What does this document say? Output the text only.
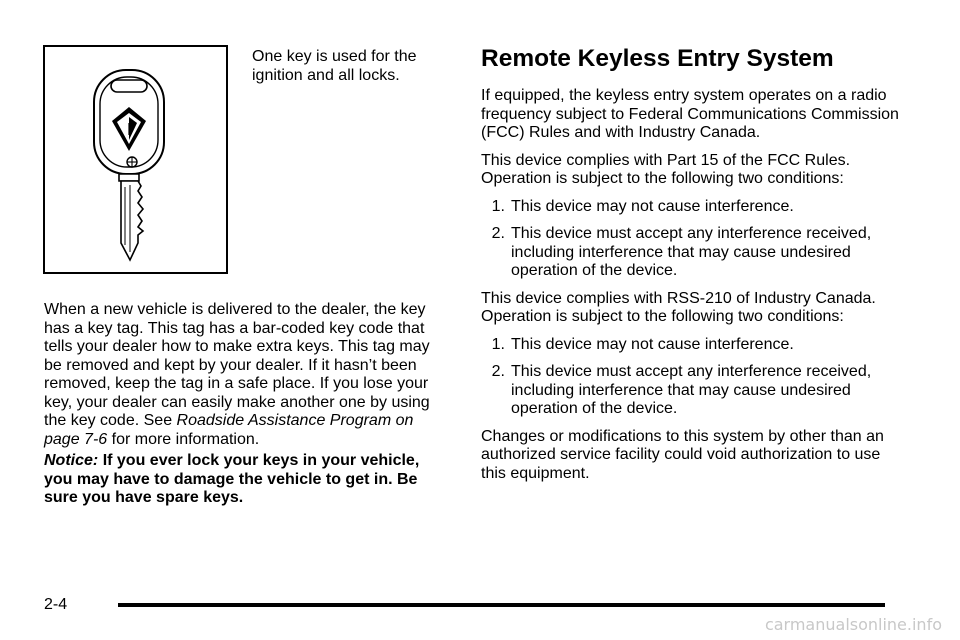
One key is used for the ignition and all locks.

When a new vehicle is delivered to the dealer, the key has a key tag. This tag has a bar-coded key code that tells your dealer how to make extra keys. This tag may be removed and kept by your dealer. If it hasn’t been removed, keep the tag in a safe place. If you lose your key, your dealer can easily make another one by using the key code. See Roadside Assistance Program on page 7-6 for more information.

Notice: If you ever lock your keys in your vehicle, you may have to damage the vehicle to get in. Be sure you have spare keys.

Remote Keyless Entry System

If equipped, the keyless entry system operates on a radio frequency subject to Federal Communications Commission (FCC) Rules and with Industry Canada.

This device complies with Part 15 of the FCC Rules. Operation is subject to the following two conditions:

1. This device may not cause interference.
2. This device must accept any interference received, including interference that may cause undesired operation of the device.

This device complies with RSS-210 of Industry Canada. Operation is subject to the following two conditions:

1. This device may not cause interference.
2. This device must accept any interference received, including interference that may cause undesired operation of the device.

Changes or modifications to this system by other than an authorized service facility could void authorization to use this equipment.

2-4
carmanualsonline.info
